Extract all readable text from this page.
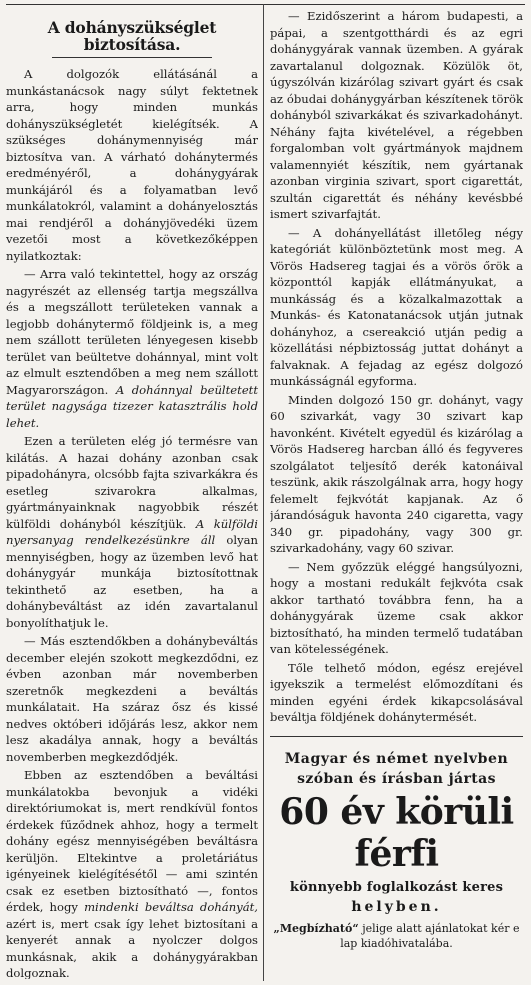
A dohányszükséglet biztosítása.

A dolgozók ellátásánál a munkástanácsok nagy súlyt fektetnek arra, hogy minden munkás dohányszükségletét kielégítsék. A szükséges dohánymennyiség már biztosítva van. A várható dohánytermés eredményéről, a dohánygyárak munkájáról és a folyamatban levő munkálatokról, valamint a dohányelosztás mai rendjéről a dohányjövedéki üzem vezetői most a következőképpen nyilatkoztak:

— Arra való tekintettel, hogy az ország nagyrészét az ellenség tartja megszállva és a megszállott területeken vannak a legjobb dohánytermő földjeink is, a meg nem szállott területen lényegesen kisebb terület van beültetve dohánnyal, mint volt az elmult esztendőben a meg nem szállott Magyarországon. A dohánnyal beültetett terület nagysága tizezer katasztrális hold lehet.

Ezen a területen elég jó termésre van kilátás. A hazai dohány azonban csak pipadohányra, olcsóbb fajta szivarkákra és esetleg szivarokra alkalmas, gyártmányainknak nagyobbik részét külföldi dohányból készítjük. A külföldi nyersanyag rendelkezésünkre áll olyan mennyiségben, hogy az üzemben levő hat dohánygyár munkája biztosítottnak tekinthető az esetben, ha a dohánybeváltást az idén zavartalanul bonyolíthatjuk le.

— Más esztendőkben a dohánybeváltás december elején szokott megkezdődni, ez évben azonban már novemberben szeretnők megkezdeni a beváltás munkálatait. Ha száraz ősz és kissé nedves októberi időjárás lesz, akkor nem lesz akadálya annak, hogy a beváltás novemberben megkezdődjék.

Ebben az esztendőben a beváltási munkálatokba bevonjuk a vidéki direktóriumokat is, mert rendkívül fontos érdekek fűződnek ahhoz, hogy a termelt dohány egész mennyiségében beváltásra kerüljön. Eltekintve a proletáriátus igényeinek kielégítésétől — ami szintén csak ez esetben biztosítható —, fontos érdek, hogy mindenki beváltsa dohányát, azért is, mert csak így lehet biztosítani a kenyerét annak a nyolczer dolgos munkásnak, akik a dohánygyárakban dolgoznak.

— Ezidőszerint a három budapesti, a pápai, a szentgotthárdi és az egri dohánygyárak vannak üzemben. A gyárak zavartalanul dolgoznak. Közülök öt, úgyszólván kizárólag szivart gyárt és csak az óbudai dohánygyárban készítenek török dohányból szivarkákat és szivarkadohányt. Néhány fajta kivételével, a régebben forgalomban volt gyártmányok majdnem valamennyiét készítik, nem gyártanak azonban virginia szivart, sport cigarettát, szultán cigarettát és néhány kevésbbé ismert szivarfajtát.

— A dohányellátást illetőleg négy kategóriát különböztetünk most meg. A Vörös Hadsereg tagjai és a vörös őrök a központtól kapják ellátmányukat, a munkásság és a közalkalmazottak a Munkás- és Katonatanácsok utján jutnak dohányhoz, a csereakció utján pedig a közellátási népbiztosság juttat dohányt a falvaknak. A fejadag az egész dolgozó munkásságnál egyforma.

Minden dolgozó 150 gr. dohányt, vagy 60 szivarkát, vagy 30 szivart kap havonként. Kivételt egyedül és kizárólag a Vörös Hadsereg harcban álló és fegyveres szolgálatot teljesítő derék katonáival teszünk, akik rászolgálnak arra, hogy hogy felemelt fejkvótát kapjanak. Az ő járandóságuk havonta 240 cigaretta, vagy 340 gr. pipadohány, vagy 300 gr. szivarkadohány, vagy 60 szivar.

— Nem győzzük eléggé hangsúlyozni, hogy a mostani redukált fejkvóta csak akkor tartható továbbra fenn, ha a dohánygyárak üzeme csak akkor biztosítható, ha minden termelő tudatában van kötelességének.

Tőle telhető módon, egész erejével igyekszik a termelést előmozdítani és minden egyéni érdek kikapcsolásával beváltja földjének dohánytermését.

Magyar és német nyelvben
szóban és írásban jártas
60 év körüli férfi
könnyebb foglalkozást keres
helyben.
„Megbízható“ jeligе alatt ajánlatokat kér e lap kiadóhivatalába.
